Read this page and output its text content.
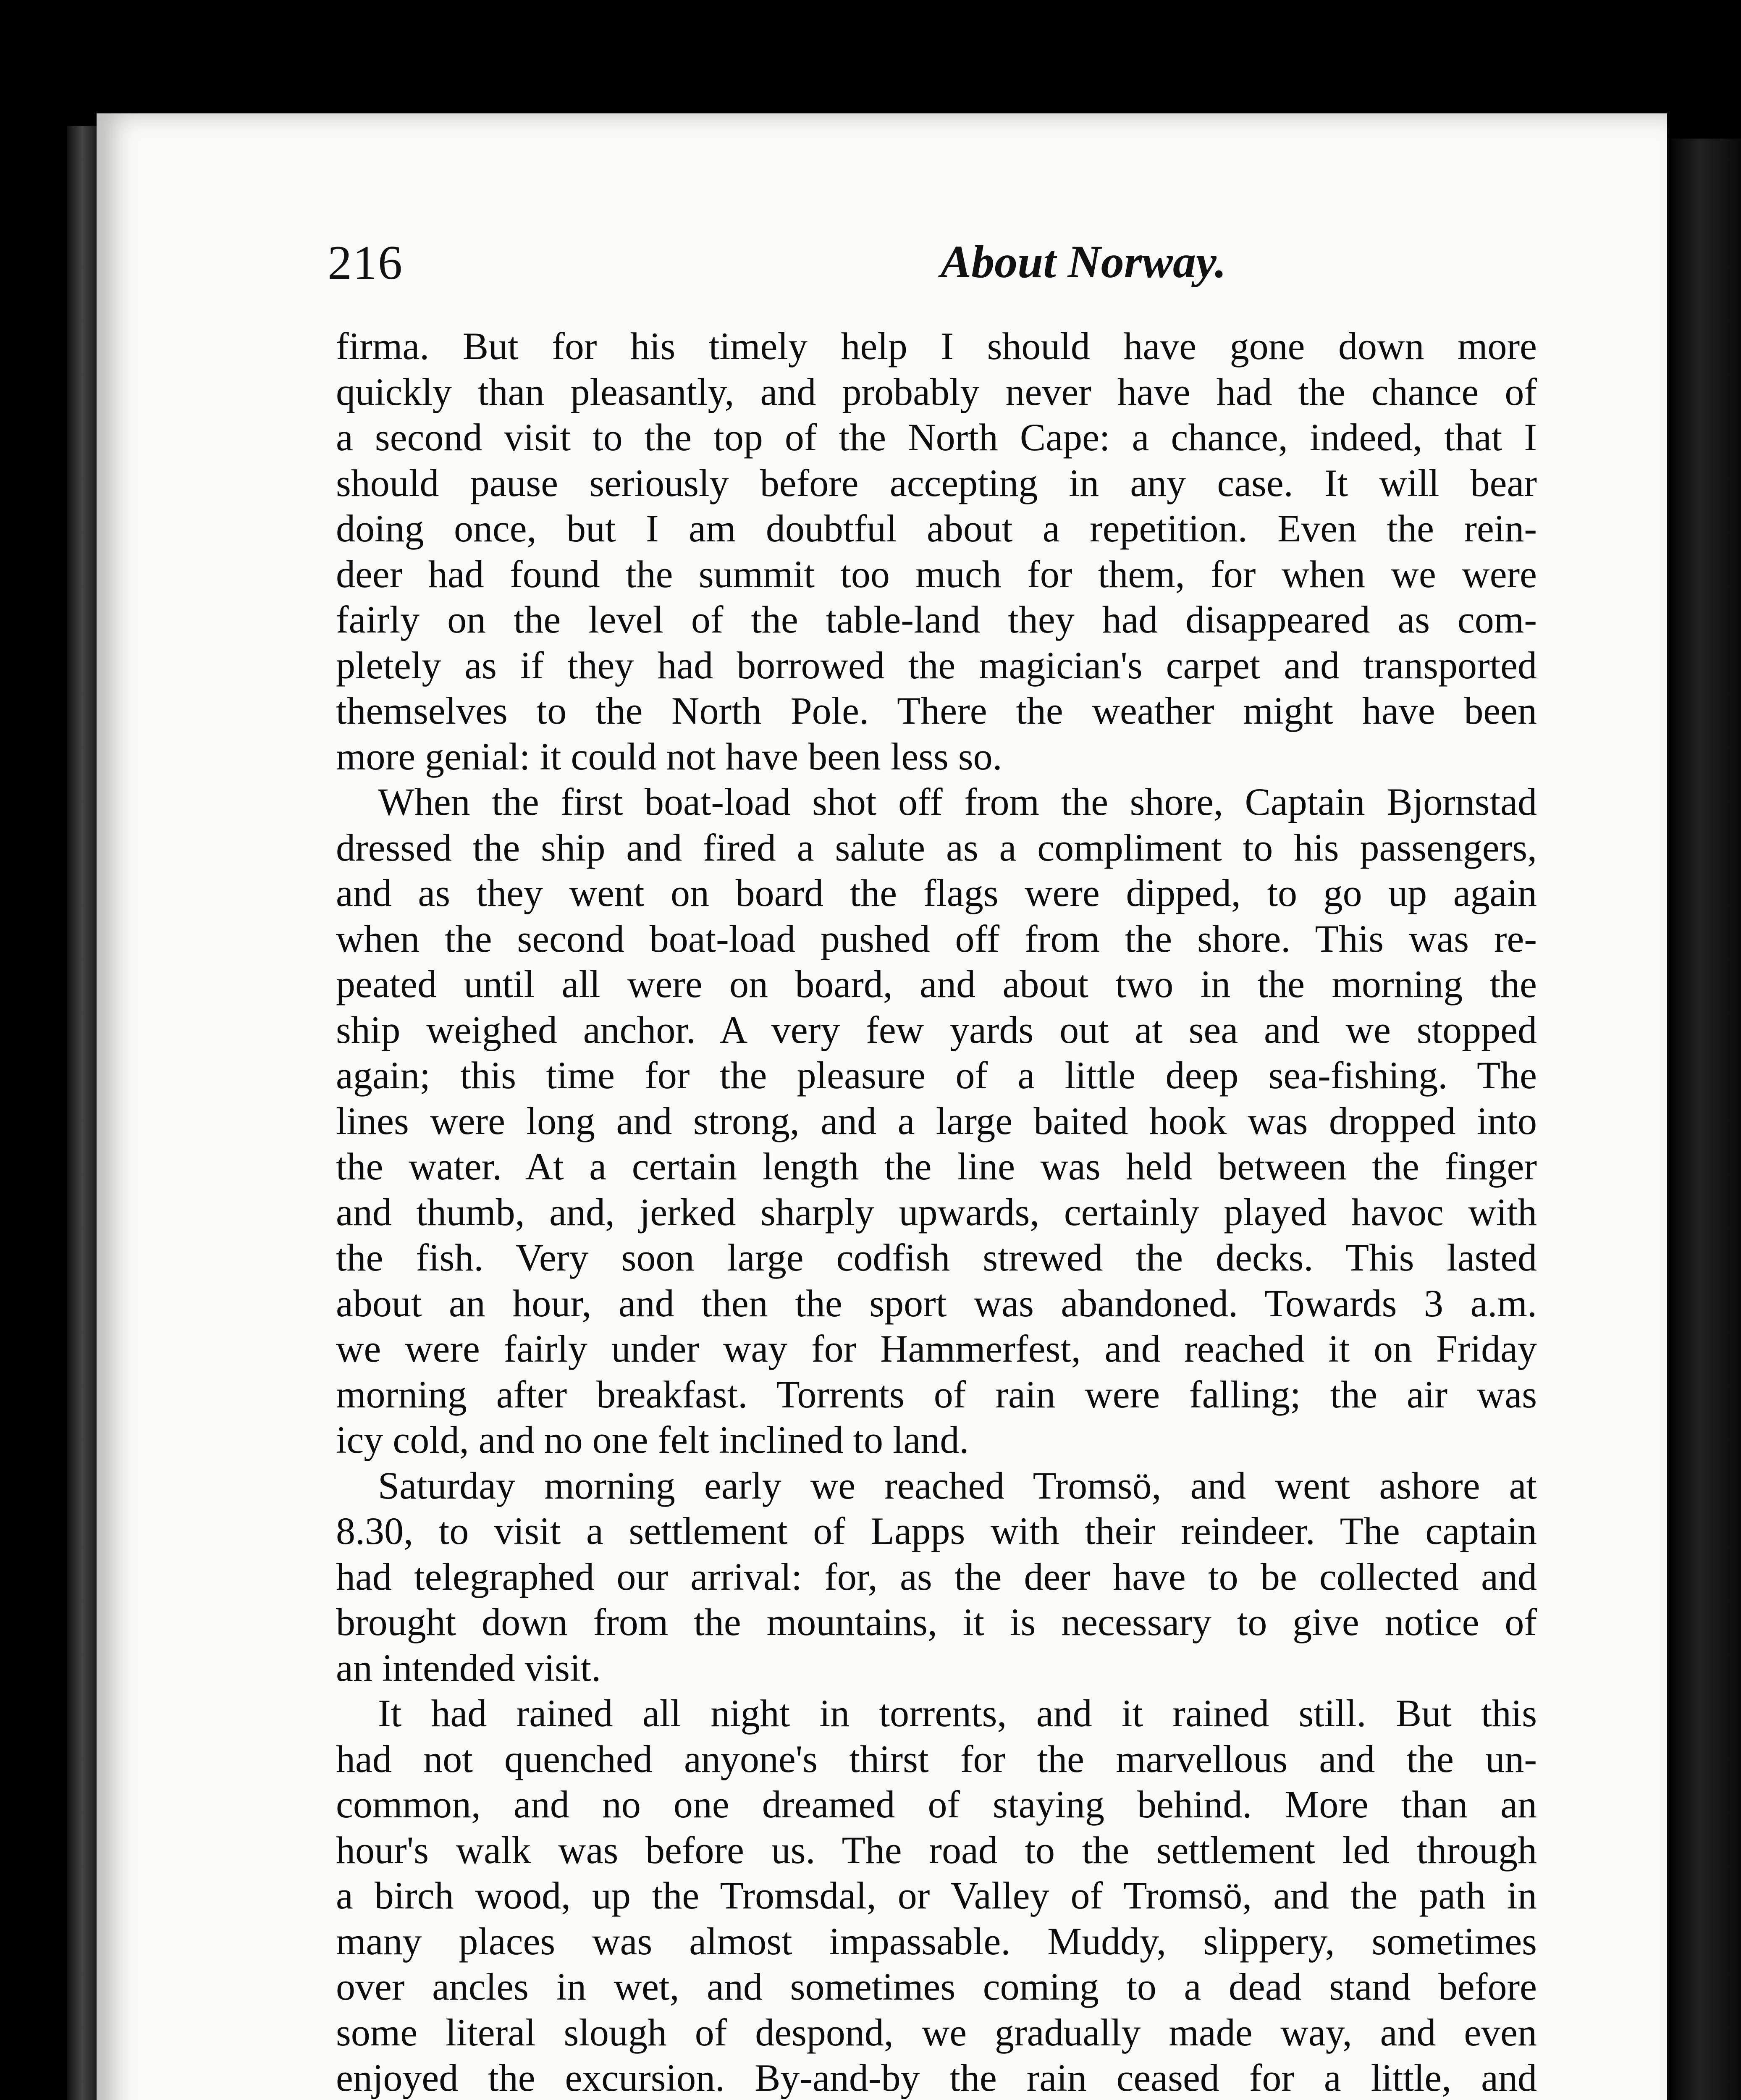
216	About Norway.
firma. But for his timely help I should have gone down more
quickly than pleasantly, and probably never have had the chance of
a second visit to the top of the North Cape: a chance, indeed, that I
should pause seriously before accepting in any case. It will bear
doing once, but I am doubtful about a repetition. Even the rein-
deer had found the summit too much for them, for when we were
fairly on the level of the table-land they had disappeared as com-
pletely as if they had borrowed the magician's carpet and transported
themselves to the North Pole. There the weather might have been
more genial: it could not have been less so.
When the first boat-load shot off from the shore, Captain Bjornstad
dressed the ship and fired a salute as a compliment to his passengers,
and as they went on board the flags were dipped, to go up again
when the second boat-load pushed off from the shore. This was re-
peated until all were on board, and about two in the morning the
ship weighed anchor. A very few yards out at sea and we stopped
again; this time for the pleasure of a little deep sea-fishing. The
lines were long and strong, and a large baited hook was dropped into
the water. At a certain length the line was held between the finger
and thumb, and, jerked sharply upwards, certainly played havoc with
the fish. Very soon large codfish strewed the decks. This lasted
about an hour, and then the sport was abandoned. Towards 3 a.m.
we were fairly under way for Hammerfest, and reached it on Friday
morning after breakfast. Torrents of rain were falling; the air was
icy cold, and no one felt inclined to land.
Saturday morning early we reached Tromsö, and went ashore at
8.30, to visit a settlement of Lapps with their reindeer. The captain
had telegraphed our arrival: for, as the deer have to be collected and
brought down from the mountains, it is necessary to give notice of
an intended visit.
It had rained all night in torrents, and it rained still. But this
had not quenched anyone's thirst for the marvellous and the un-
common, and no one dreamed of staying behind. More than an
hour's walk was before us. The road to the settlement led through
a birch wood, up the Tromsdal, or Valley of Tromsö, and the path in
many places was almost impassable. Muddy, slippery, sometimes
over ancles in wet, and sometimes coming to a dead stand before
some literal slough of despond, we gradually made way, and even
enjoyed the excursion. By-and-by the rain ceased for a little, and
